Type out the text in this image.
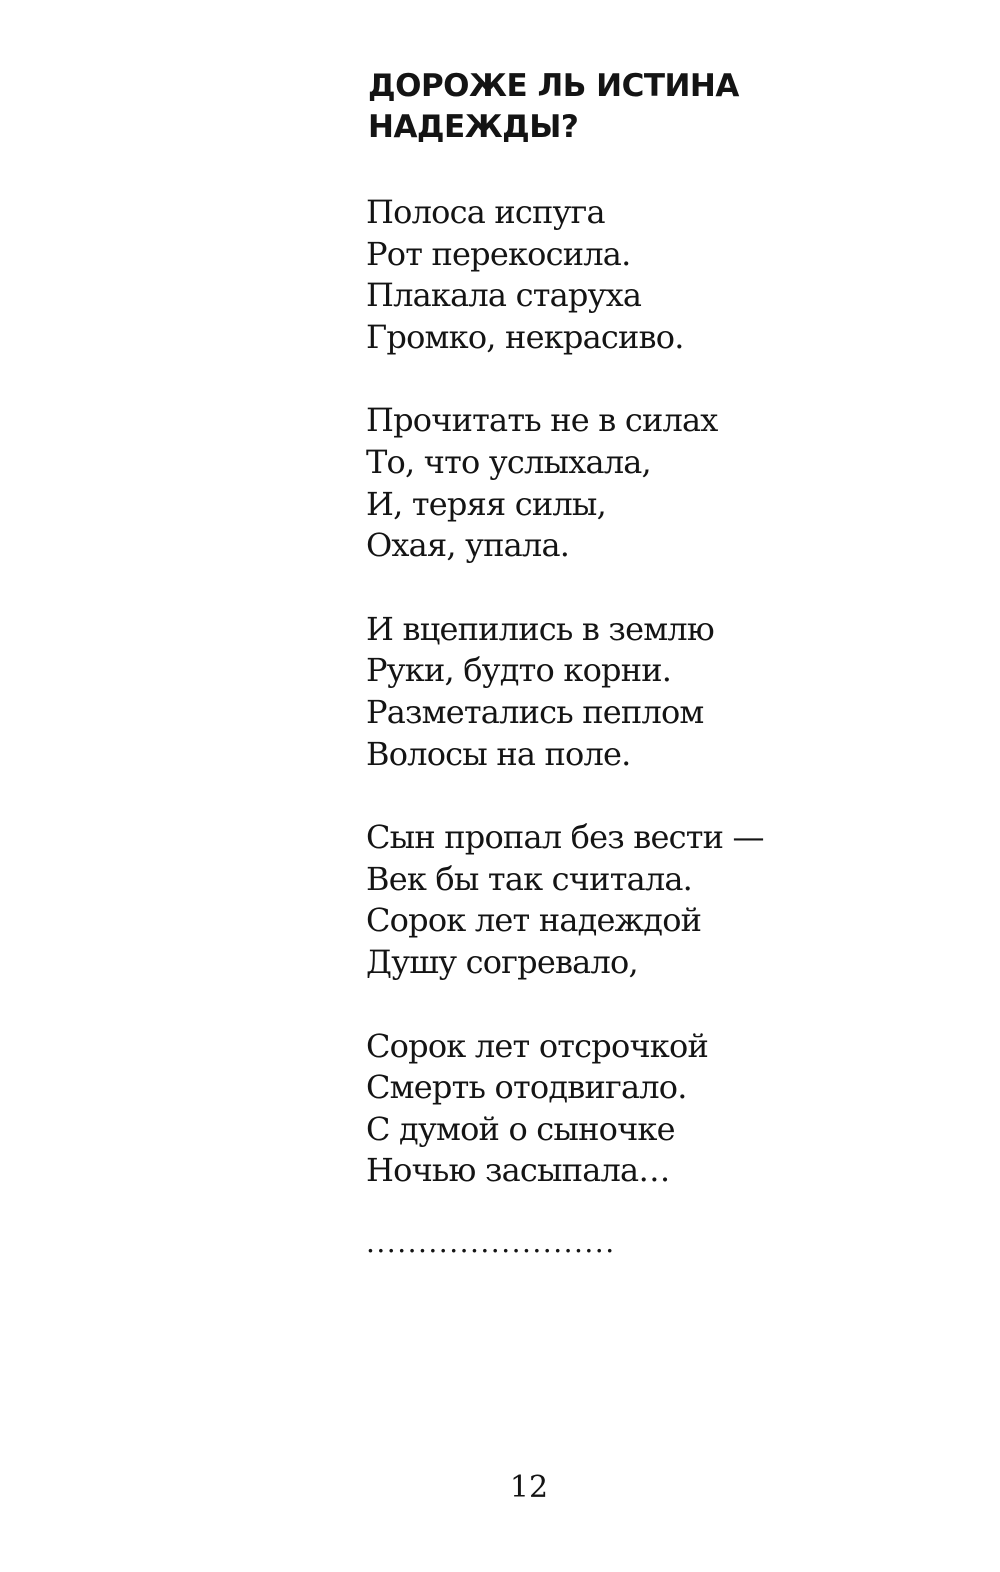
ДОРОЖЕ ЛЬ ИСТИНА
НАДЕЖДЫ?
Полоса испуга
Рот перекосила.
Плакала старуха
Громко, некрасиво.
Прочитать не в силах
То, что услыхала,
И, теряя силы,
Охая, упала.
И вцепились в землю
Руки, будто корни.
Разметались пеплом
Волосы на поле.
Сын пропал без вести —
Век бы так считала.
Сорок лет надеждой
Душу согревало,
Сорок лет отсрочкой
Смерть отодвигало.
С думой о сыночке
Ночью засыпала…
........................
12
